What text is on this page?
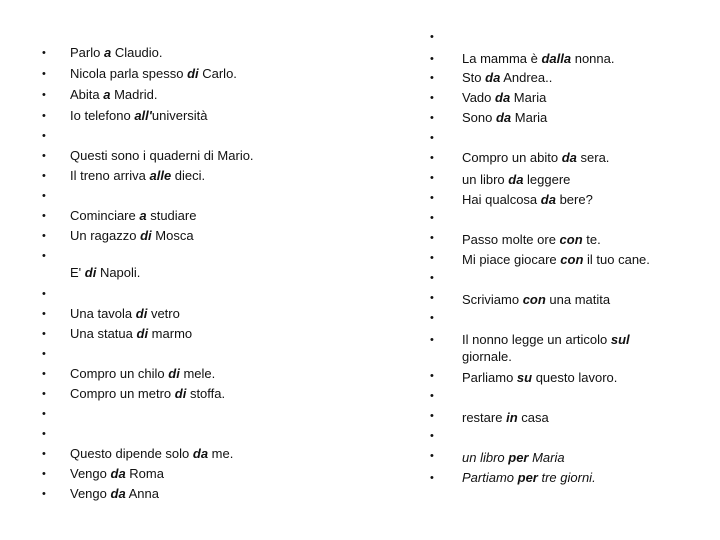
•
•
•
•
•
•
•
•
•
•
•
•
•
•
•
•
•
•
•
•
•
•
Parlo a Claudio.
Nicola parla spesso di Carlo.
Abita a Madrid.
Io telefono all'università
Questi sono i quaderni di Mario.
Il treno arriva alle dieci.
Cominciare a studiare
Un ragazzo di Mosca
E' di Napoli.
Una tavola di vetro
Una statua di marmo
Compro un chilo di mele.
Compro un metro di stoffa.
Questo dipende solo da me.
Vengo da Roma
Vengo da Anna
•
•
•
•
•
•
•
•
•
•
•
•
•
•
•
•
•
•
•
•
•
•
La mamma è dalla nonna.
Sto da Andrea..
Vado da Maria
Sono da Maria
Compro un abito da sera.
un libro da leggere
Hai qualcosa da bere?
Passo molte ore con te.
Mi piace giocare con il tuo cane.
Scriviamo con una matita
Il nonno legge un articolo sul
giornale.
Parliamo su questo lavoro.
restare in casa
un libro per Maria
Partiamo per tre giorni.
